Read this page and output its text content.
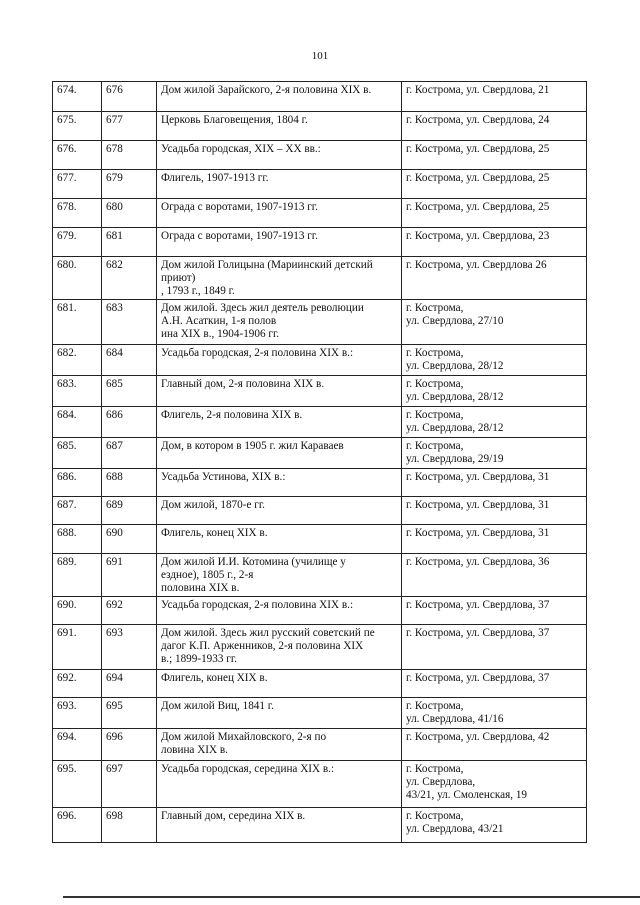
101
674.	676	Дом жилой Зарайского, 2-я половина XIX в.	г. Кострома, ул. Свердлова, 21
675.	677	Церковь Благовещения, 1804 г.	г. Кострома, ул. Свердлова, 24
676.	678	Усадьба городская, XIX – XX вв.:	г. Кострома, ул. Свердлова, 25
677.	679	Флигель, 1907-1913 гг.	г. Кострома, ул. Свердлова, 25
678.	680	Ограда с воротами, 1907-1913 гг.	г. Кострома, ул. Свердлова, 25
679.	681	Ограда с воротами, 1907-1913 гг.	г. Кострома, ул. Свердлова, 23
680.	682	Дом жилой Голицына (Мариинский детский приют)
, 1793 г., 1849 г.	г. Кострома, ул. Свердлова 26
681.	683	Дом жилой. Здесь жил деятель революции
А.Н. Асаткин, 1-я полов
ина XIX в., 1904-1906 гг.	г. Кострома,
ул. Свердлова, 27/10
682.	684	Усадьба городская, 2-я половина XIX в.:	г. Кострома,
ул. Свердлова, 28/12
683.	685	Главный дом, 2-я половина XIX в.	г. Кострома,
ул. Свердлова, 28/12
684.	686	Флигель, 2-я половина XIX в.	г. Кострома,
ул. Свердлова, 28/12
685.	687	Дом, в котором в 1905 г. жил Караваев	г. Кострома,
ул. Свердлова, 29/19
686.	688	Усадьба Устинова, XIX в.:	г. Кострома, ул. Свердлова, 31
687.	689	Дом жилой, 1870-е гг.	г. Кострома, ул. Свердлова, 31
688.	690	Флигель, конец XIX в.	г. Кострома, ул. Свердлова, 31
689.	691	Дом жилой И.И. Котомина (училище у
ездное), 1805 г., 2-я
половина XIX в.	г. Кострома, ул. Свердлова, 36
690.	692	Усадьба городская, 2-я половина XIX в.:	г. Кострома, ул. Свердлова, 37
691.	693	Дом жилой. Здесь жил русский советский пе
дагог К.П. Арженников, 2-я половина XIX
в.; 1899-1933 гг.	г. Кострома, ул. Свердлова, 37
692.	694	Флигель, конец XIX в.	г. Кострома, ул. Свердлова, 37
693.	695	Дом жилой Виц, 1841 г.	г. Кострома,
ул. Свердлова, 41/16
694.	696	Дом жилой Михайловского, 2-я по
ловина XIX в.	г. Кострома, ул. Свердлова, 42
695.	697	Усадьба городская, середина XIX в.:	г. Кострома,
ул. Свердлова,
43/21, ул. Смоленская, 19
696.	698	Главный дом, середина XIX в.	г. Кострома,
ул. Свердлова, 43/21
